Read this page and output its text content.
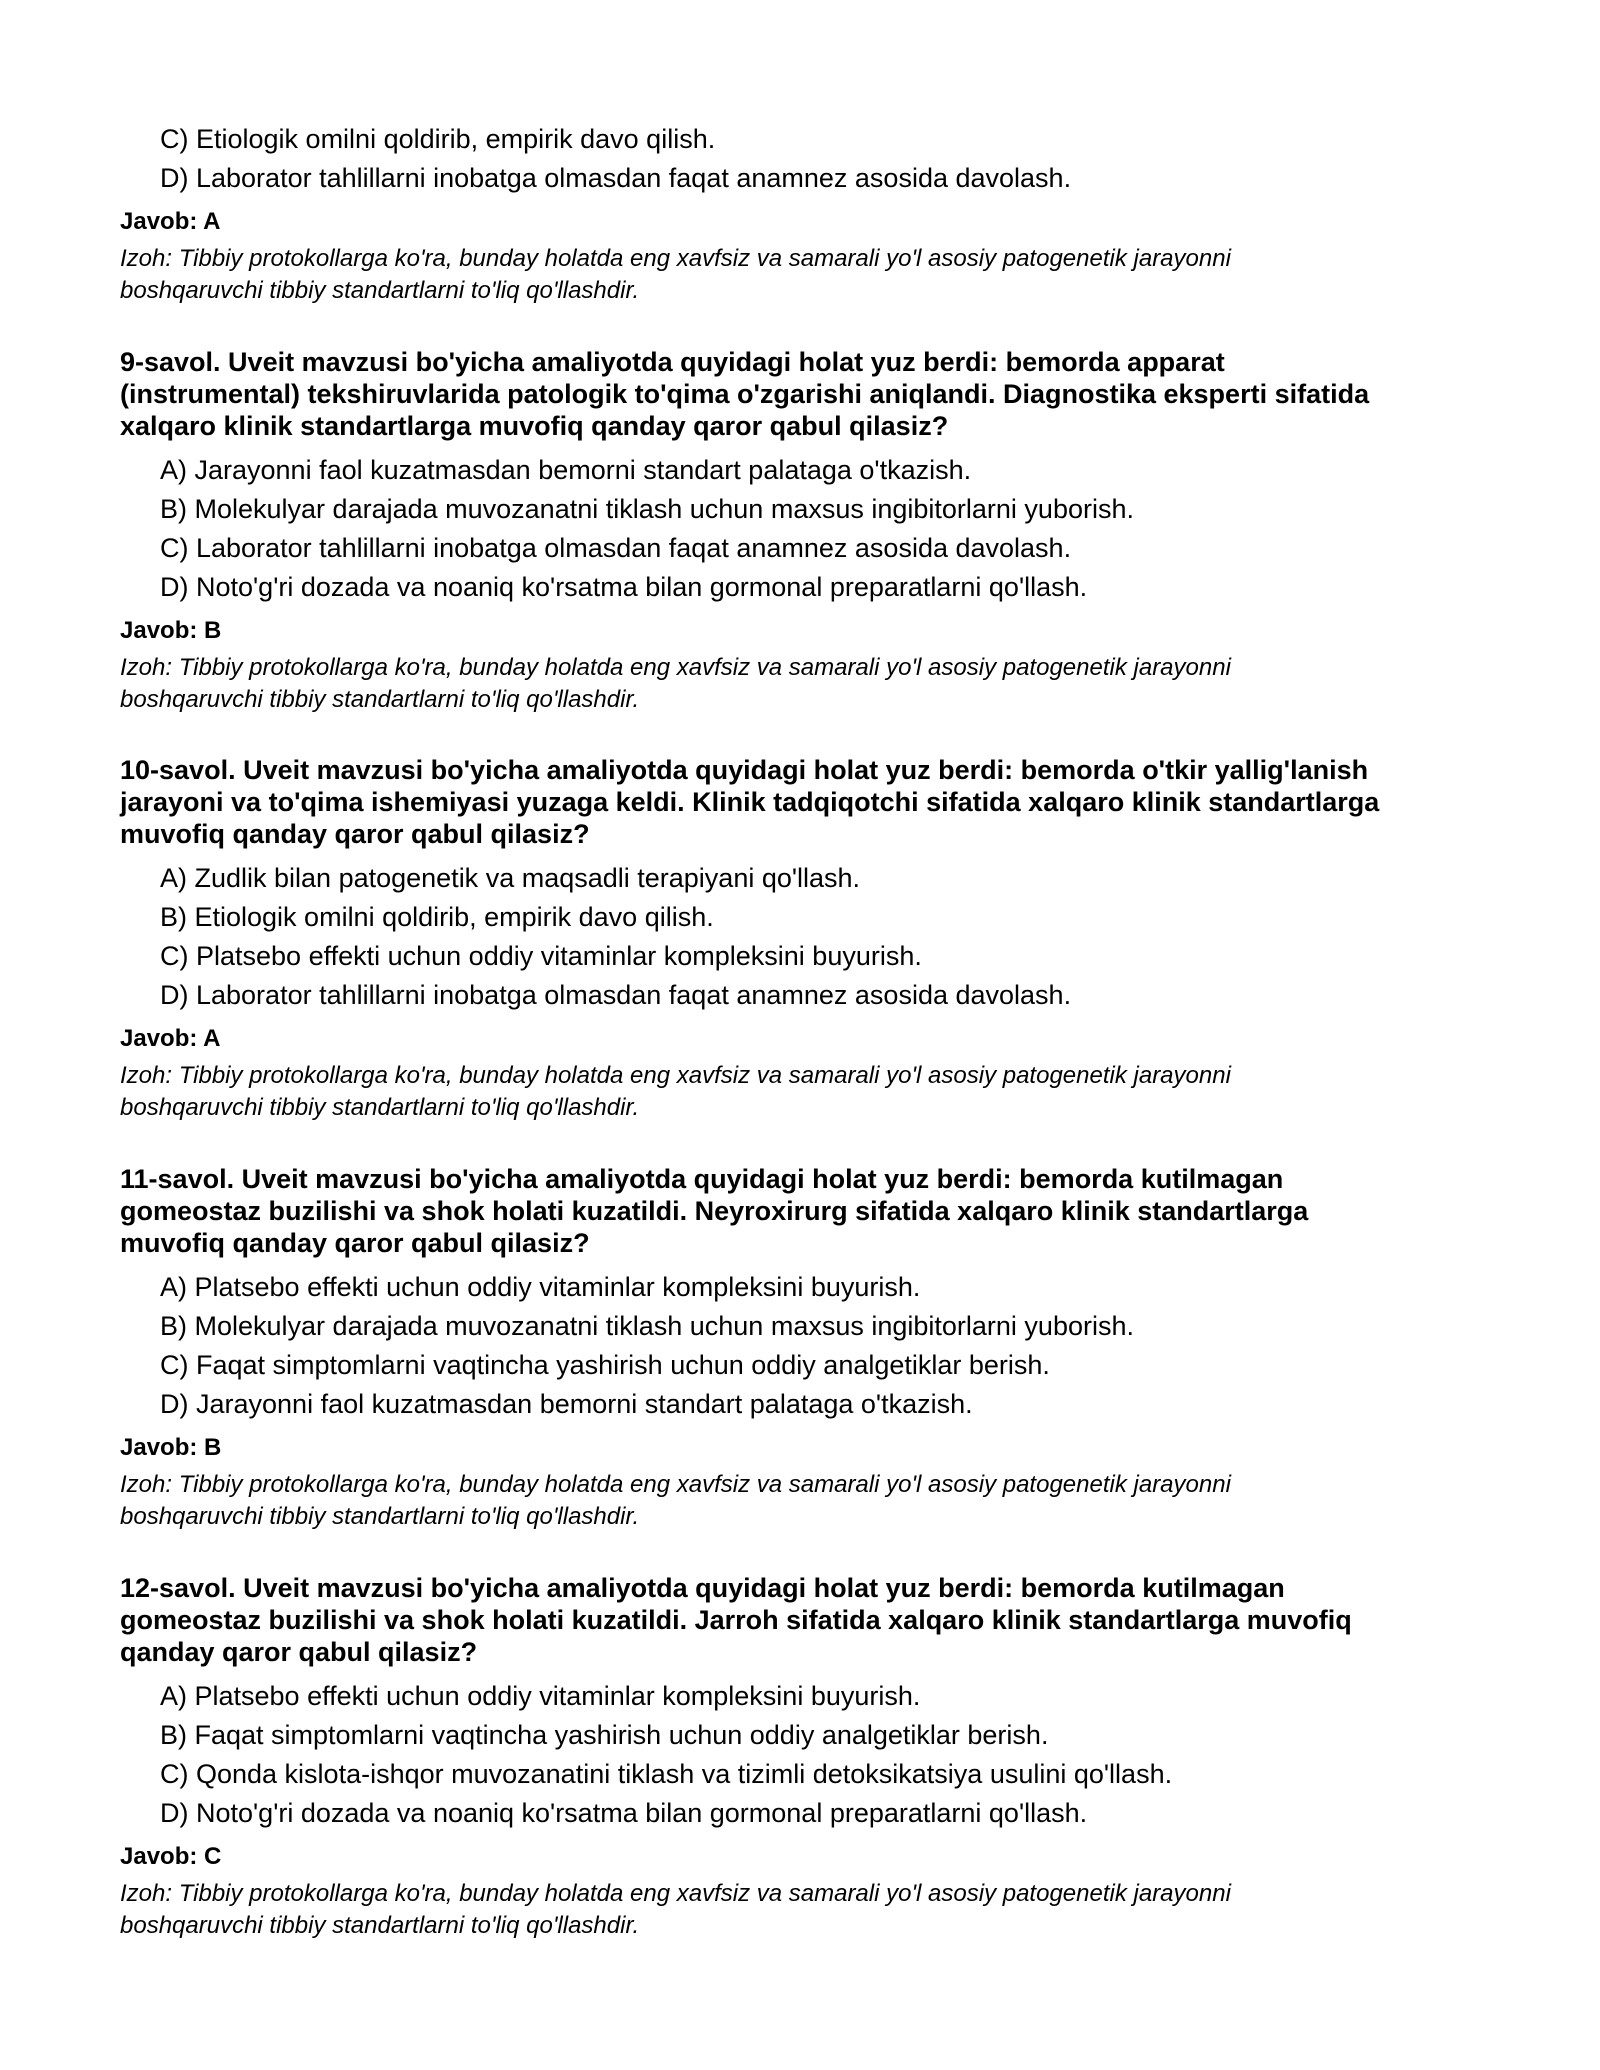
C) Etiologik omilni qoldirib, empirik davo qilish.
D) Laborator tahlillarni inobatga olmasdan faqat anamnez asosida davolash.
Javob: A
Izoh: Tibbiy protokollarga ko'ra, bunday holatda eng xavfsiz va samarali yo'l asosiy patogenetik jarayonni
boshqaruvchi tibbiy standartlarni to'liq qo'llashdir.
9-savol. Uveit mavzusi bo'yicha amaliyotda quyidagi holat yuz berdi: bemorda apparat
(instrumental) tekshiruvlarida patologik to'qima o'zgarishi aniqlandi. Diagnostika eksperti sifatida
xalqaro klinik standartlarga muvofiq qanday qaror qabul qilasiz?
A) Jarayonni faol kuzatmasdan bemorni standart palataga o'tkazish.
B) Molekulyar darajada muvozanatni tiklash uchun maxsus ingibitorlarni yuborish.
C) Laborator tahlillarni inobatga olmasdan faqat anamnez asosida davolash.
D) Noto'g'ri dozada va noaniq ko'rsatma bilan gormonal preparatlarni qo'llash.
Javob: B
Izoh: Tibbiy protokollarga ko'ra, bunday holatda eng xavfsiz va samarali yo'l asosiy patogenetik jarayonni
boshqaruvchi tibbiy standartlarni to'liq qo'llashdir.
10-savol. Uveit mavzusi bo'yicha amaliyotda quyidagi holat yuz berdi: bemorda o'tkir yallig'lanish
jarayoni va to'qima ishemiyasi yuzaga keldi. Klinik tadqiqotchi sifatida xalqaro klinik standartlarga
muvofiq qanday qaror qabul qilasiz?
A) Zudlik bilan patogenetik va maqsadli terapiyani qo'llash.
B) Etiologik omilni qoldirib, empirik davo qilish.
C) Platsebo effekti uchun oddiy vitaminlar kompleksini buyurish.
D) Laborator tahlillarni inobatga olmasdan faqat anamnez asosida davolash.
Javob: A
Izoh: Tibbiy protokollarga ko'ra, bunday holatda eng xavfsiz va samarali yo'l asosiy patogenetik jarayonni
boshqaruvchi tibbiy standartlarni to'liq qo'llashdir.
11-savol. Uveit mavzusi bo'yicha amaliyotda quyidagi holat yuz berdi: bemorda kutilmagan
gomeostaz buzilishi va shok holati kuzatildi. Neyroxirurg sifatida xalqaro klinik standartlarga
muvofiq qanday qaror qabul qilasiz?
A) Platsebo effekti uchun oddiy vitaminlar kompleksini buyurish.
B) Molekulyar darajada muvozanatni tiklash uchun maxsus ingibitorlarni yuborish.
C) Faqat simptomlarni vaqtincha yashirish uchun oddiy analgetiklar berish.
D) Jarayonni faol kuzatmasdan bemorni standart palataga o'tkazish.
Javob: B
Izoh: Tibbiy protokollarga ko'ra, bunday holatda eng xavfsiz va samarali yo'l asosiy patogenetik jarayonni
boshqaruvchi tibbiy standartlarni to'liq qo'llashdir.
12-savol. Uveit mavzusi bo'yicha amaliyotda quyidagi holat yuz berdi: bemorda kutilmagan
gomeostaz buzilishi va shok holati kuzatildi. Jarroh sifatida xalqaro klinik standartlarga muvofiq
qanday qaror qabul qilasiz?
A) Platsebo effekti uchun oddiy vitaminlar kompleksini buyurish.
B) Faqat simptomlarni vaqtincha yashirish uchun oddiy analgetiklar berish.
C) Qonda kislota-ishqor muvozanatini tiklash va tizimli detoksikatsiya usulini qo'llash.
D) Noto'g'ri dozada va noaniq ko'rsatma bilan gormonal preparatlarni qo'llash.
Javob: C
Izoh: Tibbiy protokollarga ko'ra, bunday holatda eng xavfsiz va samarali yo'l asosiy patogenetik jarayonni
boshqaruvchi tibbiy standartlarni to'liq qo'llashdir.
